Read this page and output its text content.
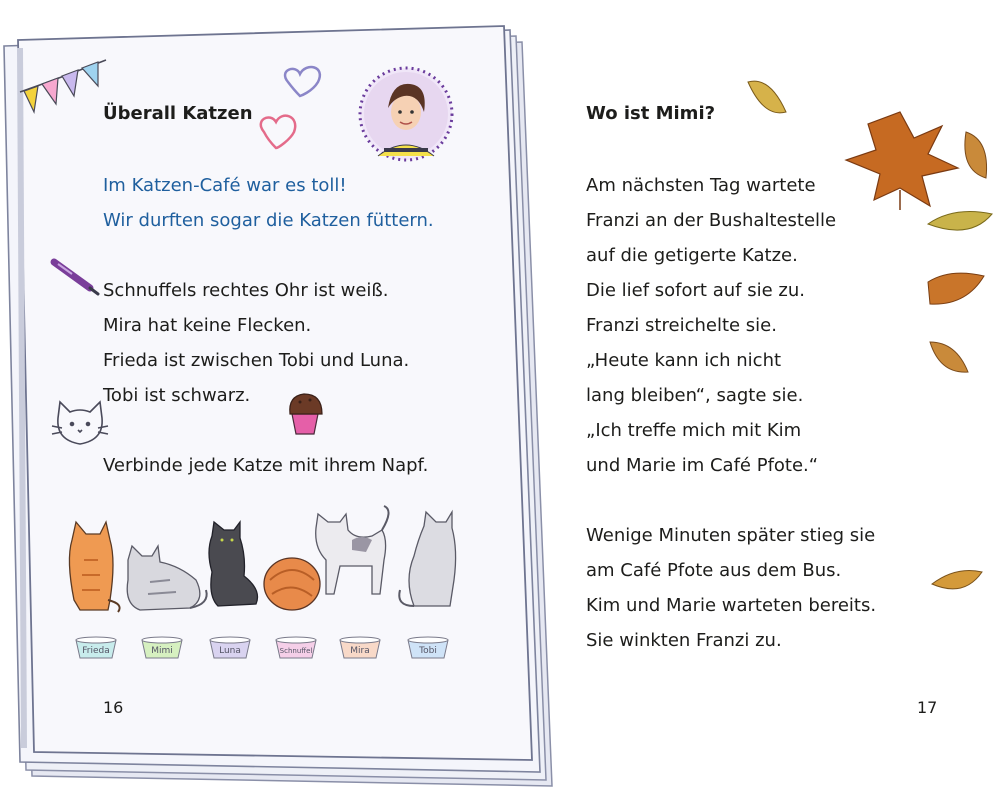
Überall Katzen
Im Katzen-Café war es toll!
Wir durften sogar die Katzen füttern.
Schnuffels rechtes Ohr ist weiß.
Mira hat keine Flecken.
Frieda ist zwischen Tobi und Luna.
Tobi ist schwarz.
Verbinde jede Katze mit ihrem Napf.
Frieda	Mimi	Luna	Schnuffel	Mira	Tobi
16
Wo ist Mimi?
Am nächsten Tag wartete
Franzi an der Bushaltestelle
auf die getigerte Katze.
Die lief sofort auf sie zu.
Franzi streichelte sie.
„Heute kann ich nicht
lang bleiben“, sagte sie.
„Ich treffe mich mit Kim
und Marie im Café Pfote.“
Wenige Minuten später stieg sie
am Café Pfote aus dem Bus.
Kim und Marie warteten bereits.
Sie winkten Franzi zu.
17
